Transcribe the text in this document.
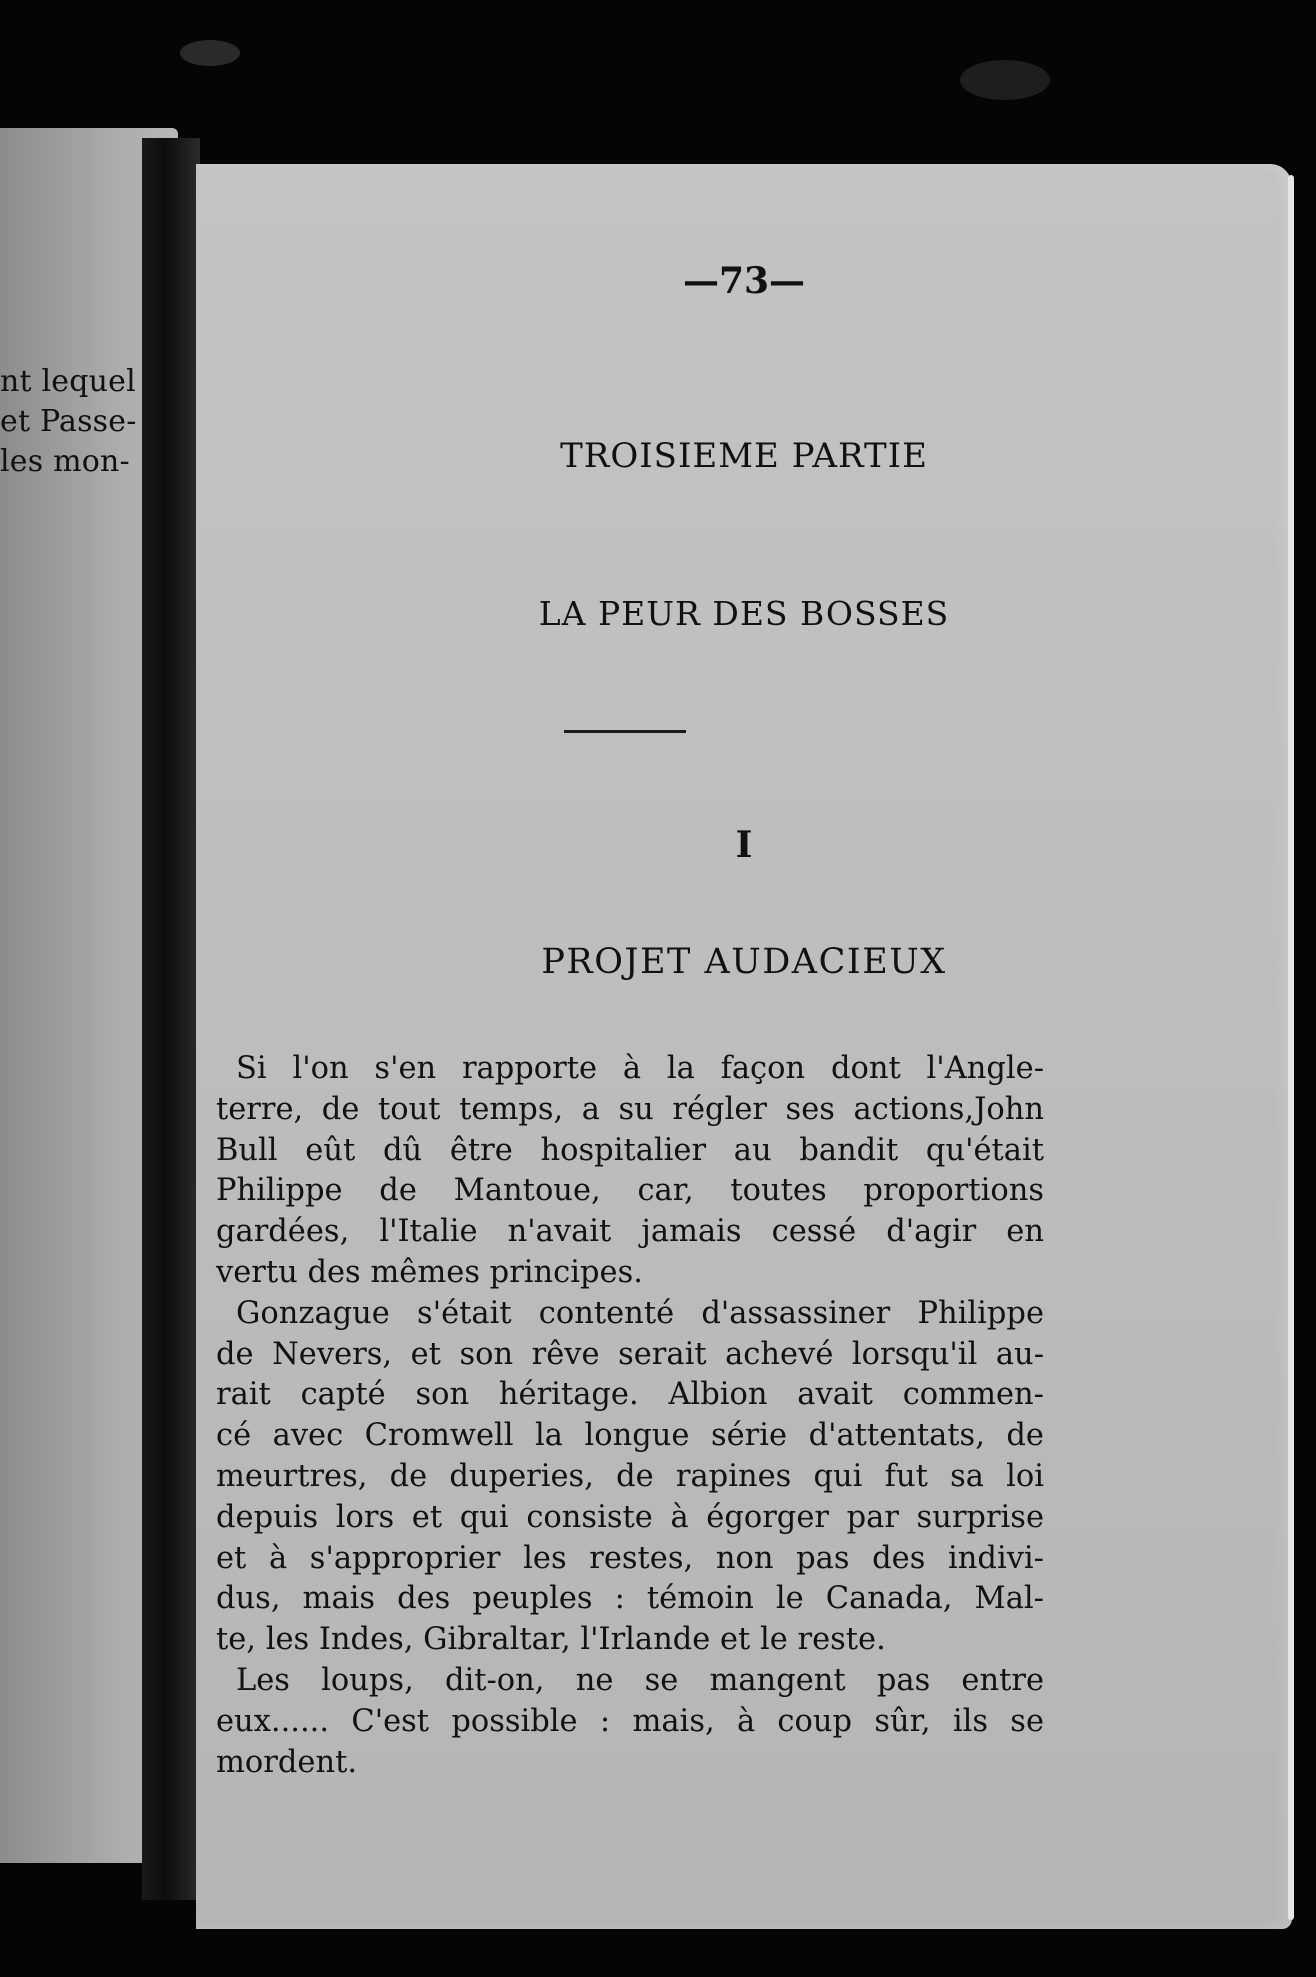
nt lequel
et Passe-
les mon-
—73—
TROISIEME PARTIE
LA PEUR DES BOSSES
I
PROJET AUDACIEUX
Si l'on s'en rapporte à la façon dont l'Angle-
terre, de tout temps, a su régler ses actions,John
Bull eût dû être hospitalier au bandit qu'était
Philippe de Mantoue, car, toutes proportions
gardées, l'Italie n'avait jamais cessé d'agir en
vertu des mêmes principes.
Gonzague s'était contenté d'assassiner Philippe
de Nevers, et son rêve serait achevé lorsqu'il au-
rait capté son héritage. Albion avait commen-
cé avec Cromwell la longue série d'attentats, de
meurtres, de duperies, de rapines qui fut sa loi
depuis lors et qui consiste à égorger par surprise
et à s'approprier les restes, non pas des indivi-
dus, mais des peuples : témoin le Canada, Mal-
te, les Indes, Gibraltar, l'Irlande et le reste.
Les loups, dit-on, ne se mangent pas entre
eux...... C'est possible : mais, à coup sûr, ils se
mordent.
